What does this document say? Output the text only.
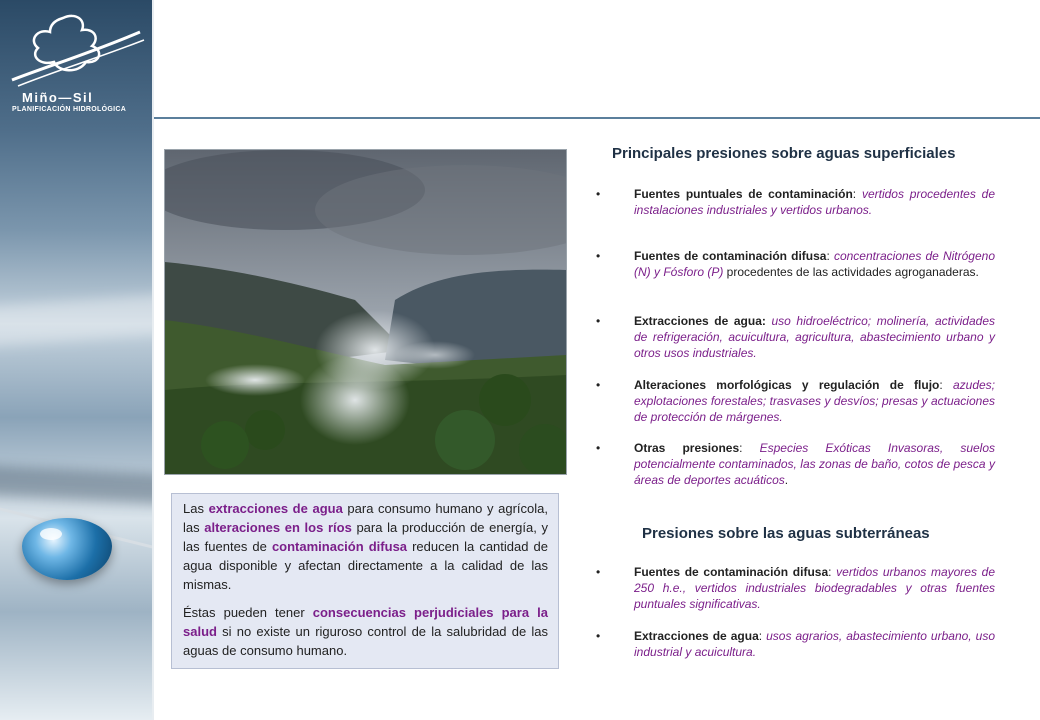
Miño—Sil
PLANIFICACIÓN HIDROLÓGICA

Las extracciones de agua para consumo humano y agrícola, las alteraciones en los ríos para la producción de energía, y las fuentes de contaminación difusa reducen la cantidad de agua disponible y afectan directamente a la calidad de las mismas.

Éstas pueden tener consecuencias perjudiciales para la salud si no existe un riguroso control de la salubridad de las aguas de consumo humano.

Principales presiones sobre aguas superficiales
•	Fuentes puntuales de contaminación: vertidos procedentes de instalaciones industriales y vertidos urbanos.
•	Fuentes de contaminación difusa: concentraciones de Nitrógeno (N) y Fósforo (P) procedentes de las actividades agroganaderas.
•	Extracciones de agua: uso hidroeléctrico; molinería, actividades de refrigeración, acuicultura, agricultura, abastecimiento urbano y otros usos industriales.
•	Alteraciones morfológicas y regulación de flujo: azudes; explotaciones forestales; trasvases y desvíos; presas y actuaciones de protección de márgenes.
•	Otras presiones: Especies Exóticas Invasoras, suelos potencialmente contaminados, las zonas de baño, cotos de pesca y áreas de deportes acuáticos.
Presiones sobre las aguas subterráneas
•	Fuentes de contaminación difusa: vertidos urbanos mayores de 250 h.e., vertidos industriales biodegradables y otras fuentes puntuales significativas.
•	Extracciones de agua: usos agrarios, abastecimiento urbano, uso industrial y acuicultura.
